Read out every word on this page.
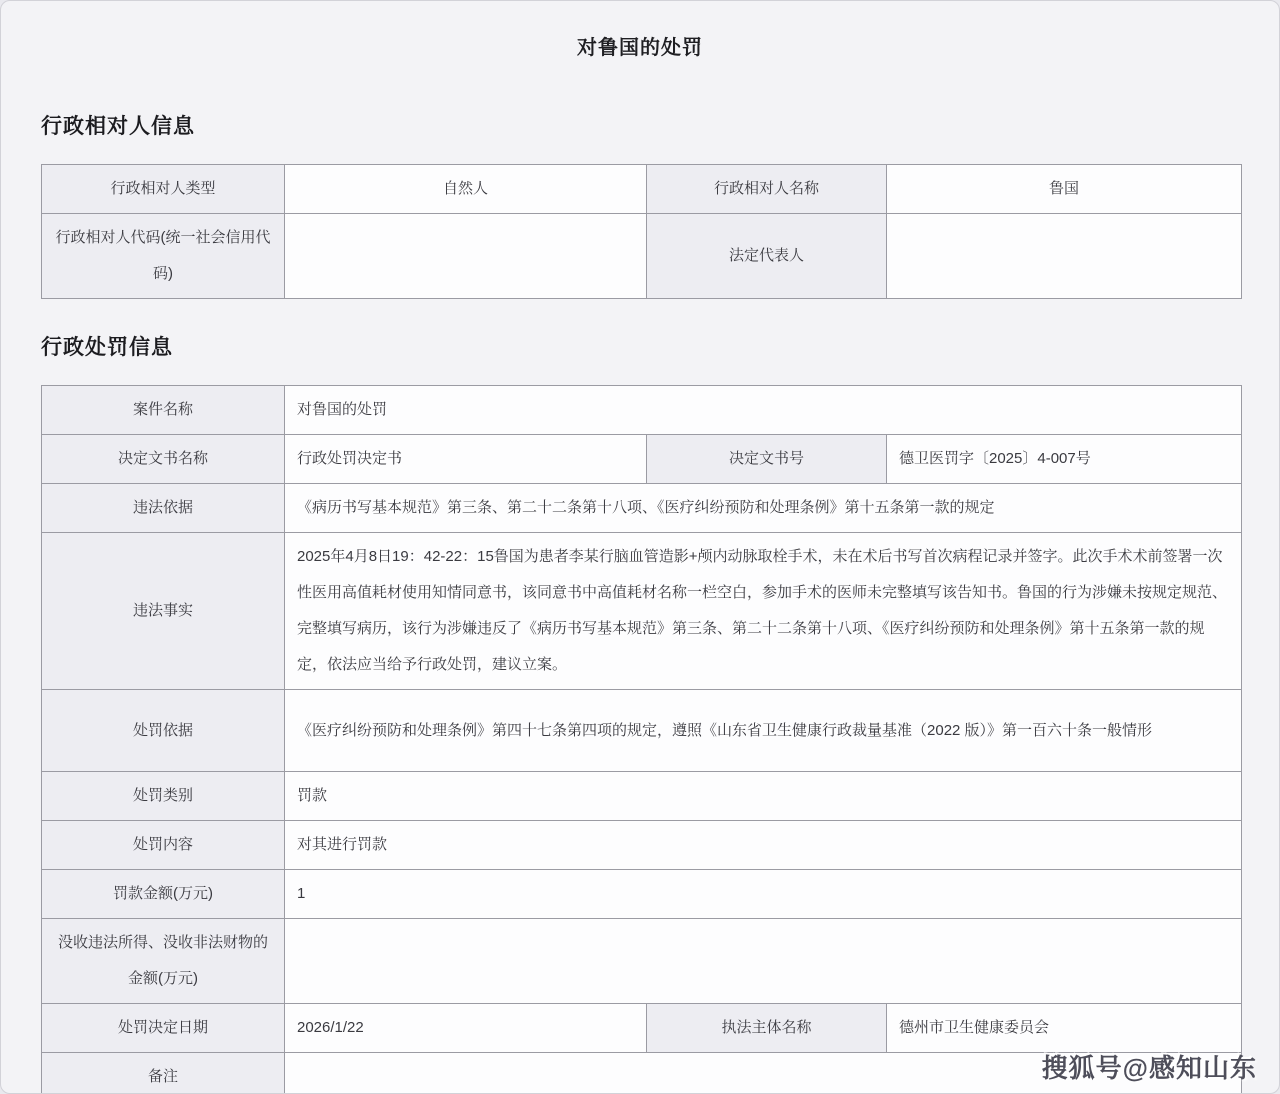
对鲁国的处罚
行政相对人信息
行政相对人类型	自然人	行政相对人名称	鲁国
行政相对人代码(统一社会信用代码)		法定代表人	
行政处罚信息
案件名称	对鲁国的处罚		
决定文书名称	行政处罚决定书	决定文书号	德卫医罚字〔2025〕4-007号
违法依据	《病历书写基本规范》第三条、第二十二条第十八项、《医疗纠纷预防和处理条例》第十五条第一款的规定		
违法事实	2025年4月8日19：42-22：15鲁国为患者李某行脑血管造影+颅内动脉取栓手术，未在术后书写首次病程记录并签字。此次手术术前签署一次性医用高值耗材使用知情同意书，该同意书中高值耗材名称一栏空白，参加手术的医师未完整填写该告知书。鲁国的行为涉嫌未按规定规范、完整填写病历，该行为涉嫌违反了《病历书写基本规范》第三条、第二十二条第十八项、《医疗纠纷预防和处理条例》第十五条第一款的规定，依法应当给予行政处罚，建议立案。		
处罚依据	《医疗纠纷预防和处理条例》第四十七条第四项的规定，遵照《山东省卫生健康行政裁量基准（2022 版）》第一百六十条一般情形		
处罚类别	罚款		
处罚内容	对其进行罚款		
罚款金额(万元)	1		
没收违法所得、没收非法财物的金额(万元)			
处罚决定日期	2026/1/22	执法主体名称	德州市卫生健康委员会
备注				搜狐号@感知山东
